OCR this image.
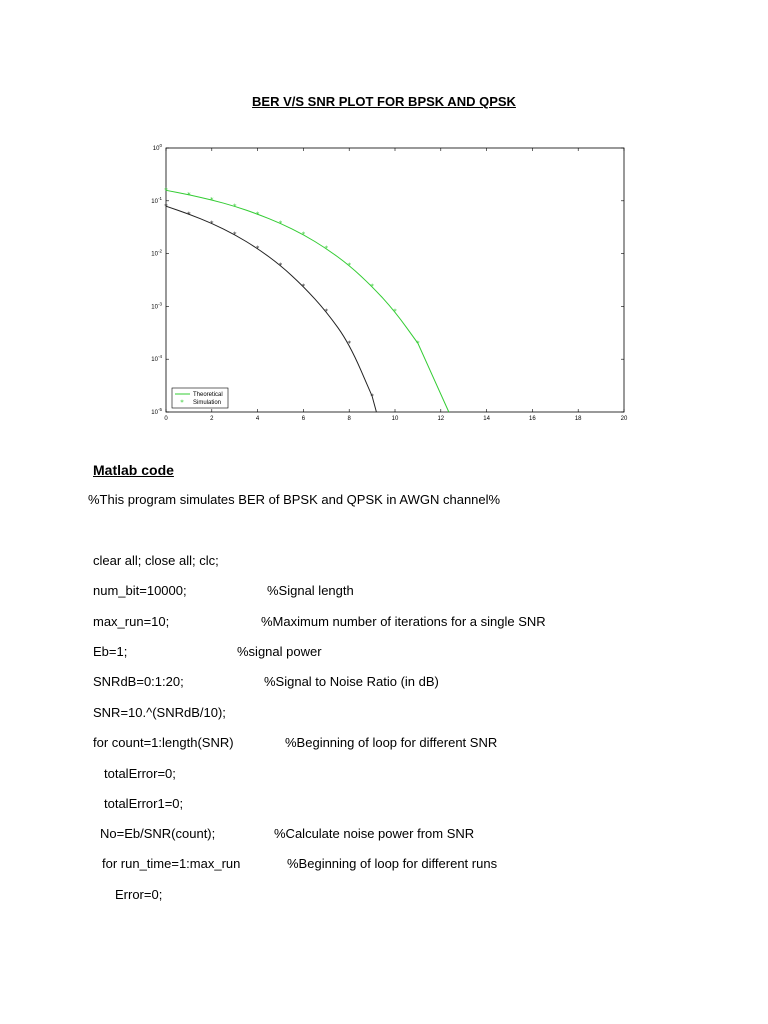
BER V/S SNR PLOT FOR BPSK AND QPSK
0	2	4	6	8	10	12	14	16	18	20
$10^0$
$10^{-1}$
$10^{-2}$
$10^{-3}$
$10^{-4}$
$10^{-5}$
*
*
*
*
*
*
*
*
*
*
*
*
*
*
*
*
*
*
*
*
*
*
Theoretical
* Simulation
Matlab code
%This program simulates BER of BPSK and QPSK in AWGN channel%
clear all; close all; clc;
num_bit=10000;	%Signal length
max_run=10;	%Maximum number of iterations for a single SNR
Eb=1;	%signal power
SNRdB=0:1:20;	%Signal to Noise Ratio (in dB)
SNR=10.^(SNRdB/10);
for count=1:length(SNR)	%Beginning of loop for different SNR
totalError=0;
totalError1=0;
No=Eb/SNR(count);	%Calculate noise power from SNR
for run_time=1:max_run	%Beginning of loop for different runs
Error=0;
